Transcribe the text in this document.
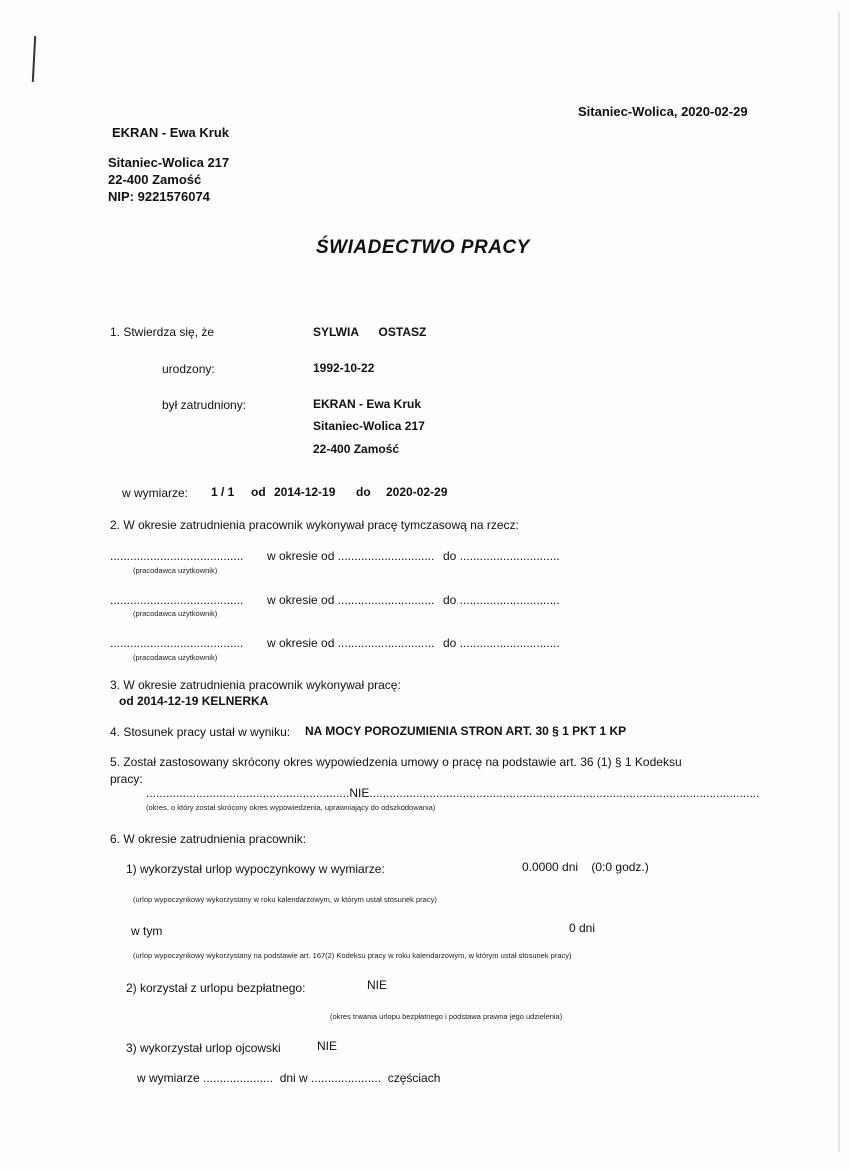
Sitaniec-Wolica, 2020-02-29
EKRAN - Ewa Kruk
Sitaniec-Wolica 217
22-400 Zamość
NIP: 9221576074
ŚWIADECTWO PRACY
1. Stwierdza się, że	SYLWIA      OSTASZ
urodzony:	1992-10-22
był zatrudniony:	EKRAN - Ewa Kruk
Sitaniec-Wolica 217
22-400 Zamość
w wymiarze: 1 / 1 od 2014-12-19 do 2020-02-29
2. W okresie zatrudnienia pracownik wykonywał pracę tymczasową na rzecz:
........................................ w okresie od ............................. do ..............................
(pracodawca użytkownik)
........................................ w okresie od ............................. do ..............................
(pracodawca użytkownik)
........................................ w okresie od ............................. do ..............................
(pracodawca użytkownik)
3. W okresie zatrudnienia pracownik wykonywał pracę:
od 2014-12-19 KELNERKA
4. Stosunek pracy ustał w wyniku: NA MOCY POROZUMIENIA STRON ART. 30 § 1 PKT 1 KP
5. Został zastosowany skrócony okres wypowiedzenia umowy o pracę na podstawie art. 36 (1) § 1 Kodeksu
pracy:
.............................................................NIE.....................................................................................................................
(okres, o który został skrócony okres wypowiedzenia, uprawniający do odszkodowania)
6. W okresie zatrudnienia pracownik:
1) wykorzystał urlop wypoczynkowy w wymiarze:	0.0000 dni    (0:0 godz.)
(urlop wypoczynkowy wykorzystany w roku kalendarzowym, w którym ustał stosunek pracy)
w tym	0 dni
(urlop wypoczynkowy wykorzystany na podstawie art. 167(2) Kodeksu pracy w roku kalendarzowym, w którym ustał stosunek pracy)
2) korzystał z urlopu bezpłatnego:	NIE
(okres trwania urlopu bezpłatnego i podstawa prawna jego udzielenia)
3) wykorzystał urlop ojcowski	NIE
w wymiarze .....................  dni w .....................  częściach
